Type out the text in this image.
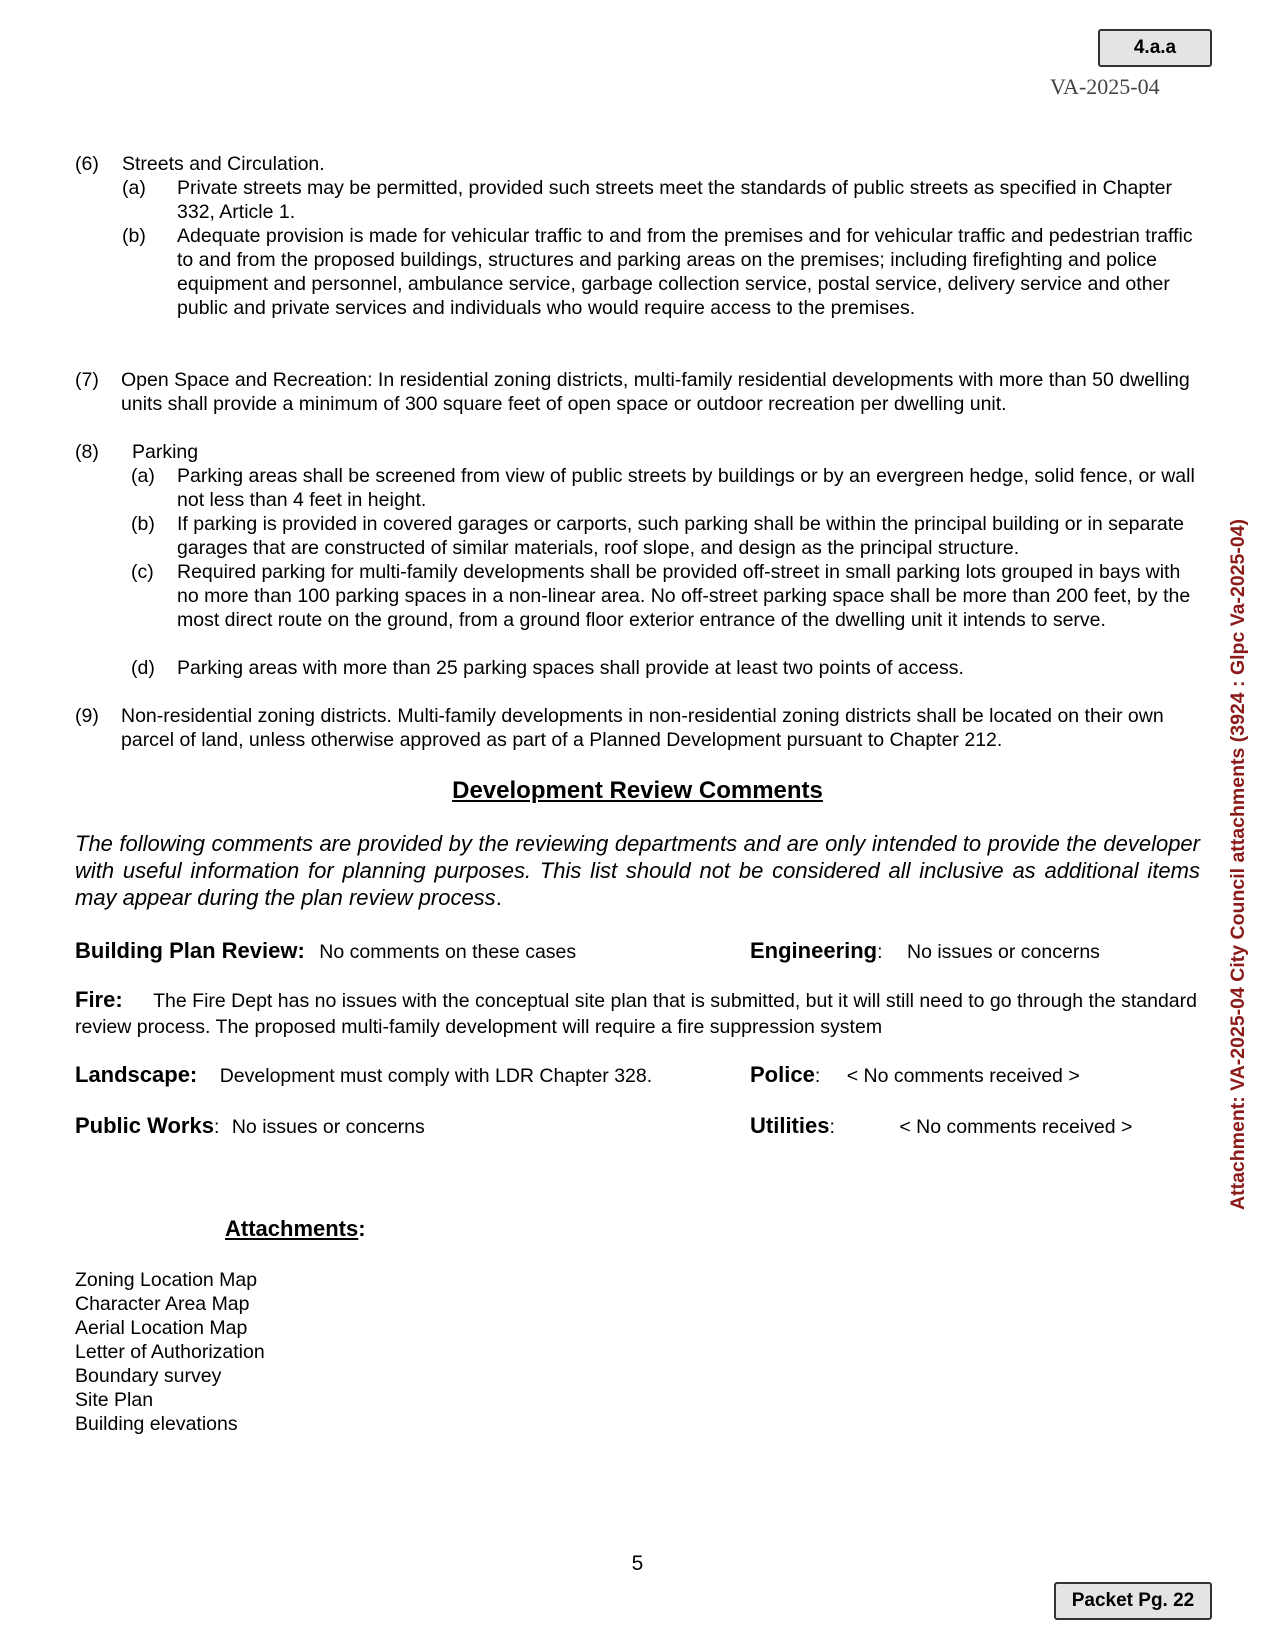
4.a.a
VA-2025-04
(6) Streets and Circulation.
(a) Private streets may be permitted, provided such streets meet the standards of public streets as specified in Chapter 332, Article 1.
(b) Adequate provision is made for vehicular traffic to and from the premises and for vehicular traffic and pedestrian traffic to and from the proposed buildings, structures and parking areas on the premises; including firefighting and police equipment and personnel, ambulance service, garbage collection service, postal service, delivery service and other public and private services and individuals who would require access to the premises.
(7) Open Space and Recreation: In residential zoning districts, multi-family residential developments with more than 50 dwelling units shall provide a minimum of 300 square feet of open space or outdoor recreation per dwelling unit.
(8) Parking
(a) Parking areas shall be screened from view of public streets by buildings or by an evergreen hedge, solid fence, or wall not less than 4 feet in height.
(b) If parking is provided in covered garages or carports, such parking shall be within the principal building or in separate garages that are constructed of similar materials, roof slope, and design as the principal structure.
(c) Required parking for multi-family developments shall be provided off-street in small parking lots grouped in bays with no more than 100 parking spaces in a non-linear area. No off-street parking space shall be more than 200 feet, by the most direct route on the ground, from a ground floor exterior entrance of the dwelling unit it intends to serve.
(d) Parking areas with more than 25 parking spaces shall provide at least two points of access.
(9) Non-residential zoning districts. Multi-family developments in non-residential zoning districts shall be located on their own parcel of land, unless otherwise approved as part of a Planned Development pursuant to Chapter 212.
Development Review Comments
The following comments are provided by the reviewing departments and are only intended to provide the developer with useful information for planning purposes. This list should not be considered all inclusive as additional items may appear during the plan review process.
Building Plan Review: No comments on these cases	Engineering: No issues or concerns
Fire: The Fire Dept has no issues with the conceptual site plan that is submitted, but it will still need to go through the standard review process. The proposed multi-family development will require a fire suppression system
Landscape: Development must comply with LDR Chapter 328.	Police: < No comments received >
Public Works: No issues or concerns	Utilities:	< No comments received >
Attachments:
Zoning Location Map
Character Area Map
Aerial Location Map
Letter of Authorization
Boundary survey
Site Plan
Building elevations
Attachment: VA-2025-04 City Council attachments (3924 : Glpc Va-2025-04)
5
Packet Pg. 22
